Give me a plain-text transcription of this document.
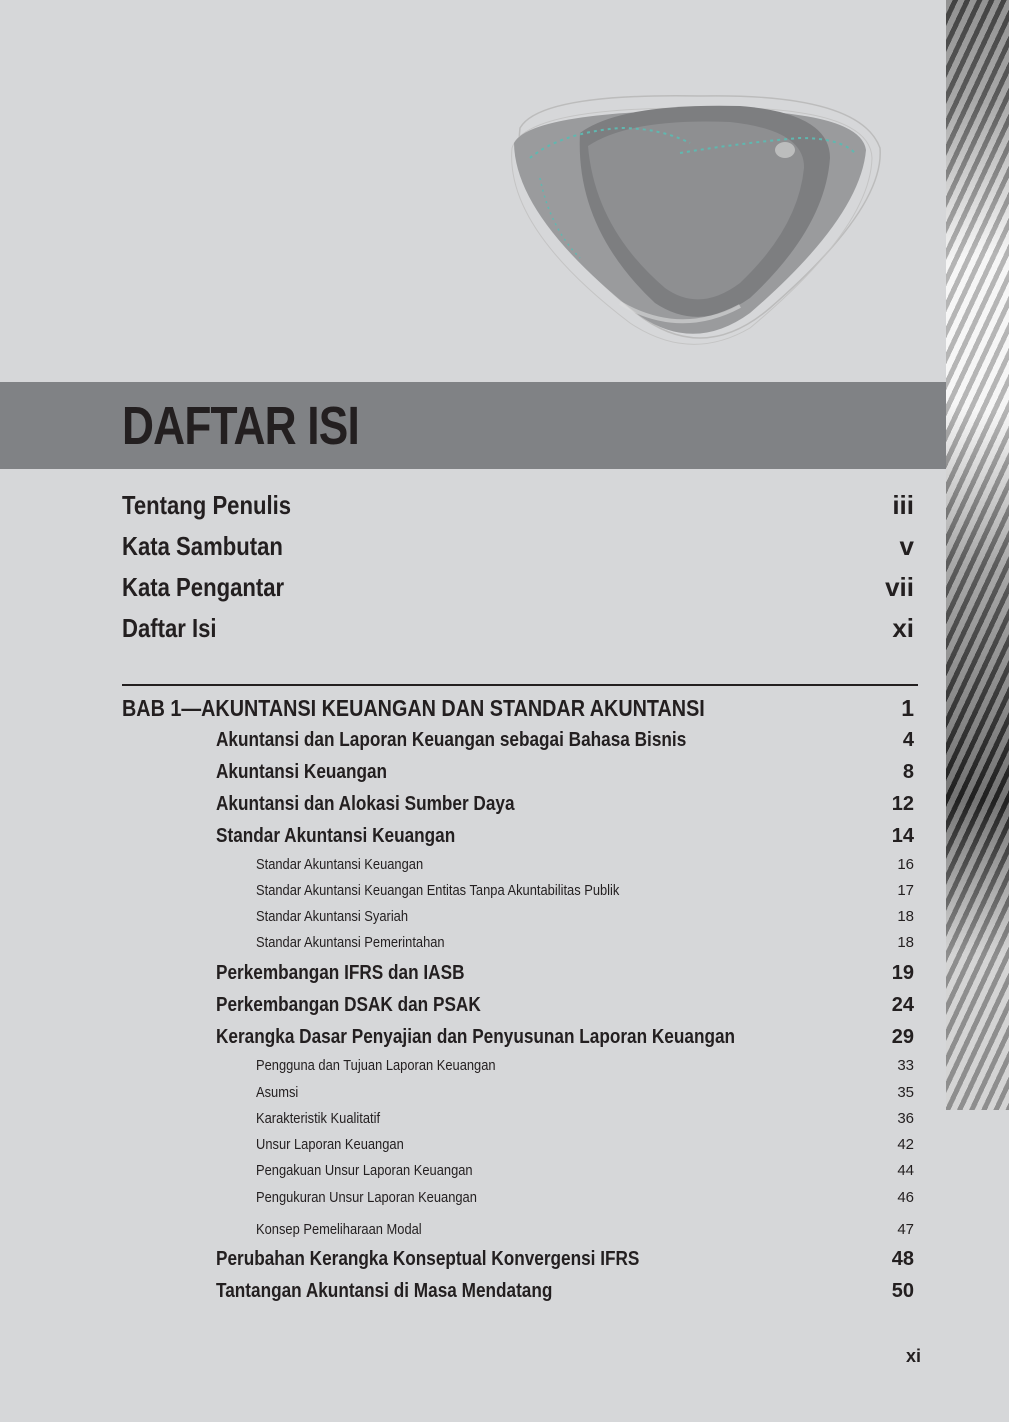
DAFTAR ISI
Tentang Penulis	iii
Kata Sambutan	v
Kata Pengantar	vii
Daftar Isi	xi
BAB 1—AKUNTANSI KEUANGAN DAN STANDAR AKUNTANSI	1
Akuntansi dan Laporan Keuangan sebagai Bahasa Bisnis	4
Akuntansi Keuangan	8
Akuntansi dan Alokasi Sumber Daya	12
Standar Akuntansi Keuangan	14
Standar Akuntansi Keuangan	16
Standar Akuntansi Keuangan Entitas Tanpa Akuntabilitas Publik	17
Standar Akuntansi Syariah	18
Standar Akuntansi Pemerintahan	18
Perkembangan IFRS dan IASB	19
Perkembangan DSAK dan PSAK	24
Kerangka Dasar Penyajian dan Penyusunan Laporan Keuangan	29
Pengguna dan Tujuan Laporan Keuangan	33
Asumsi	35
Karakteristik Kualitatif	36
Unsur Laporan Keuangan	42
Pengakuan Unsur Laporan Keuangan	44
Pengukuran Unsur Laporan Keuangan	46
Konsep Pemeliharaan Modal	47
Perubahan Kerangka Konseptual Konvergensi IFRS	48
Tantangan Akuntansi di Masa Mendatang	50
xi
